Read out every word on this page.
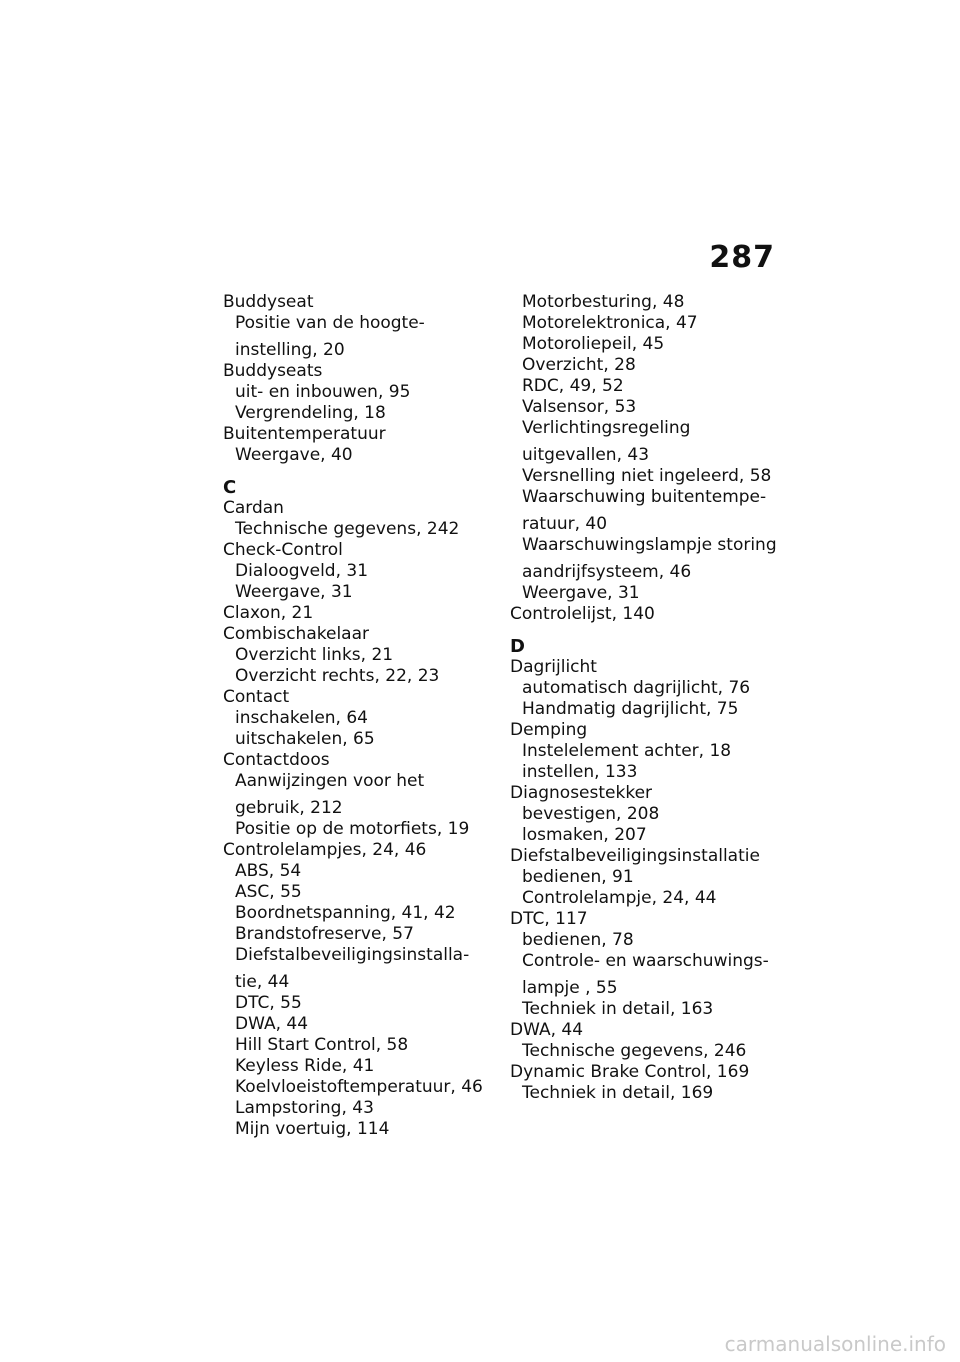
287
Buddyseat
Positie van de hoogte-
instelling, 20
Buddyseats
uit- en inbouwen, 95
Vergrendeling, 18
Buitentemperatuur
Weergave, 40
C
Cardan
Technische gegevens, 242
Check-Control
Dialoogveld, 31
Weergave, 31
Claxon, 21
Combischakelaar
Overzicht links, 21
Overzicht rechts, 22, 23
Contact
inschakelen, 64
uitschakelen, 65
Contactdoos
Aanwijzingen voor het
gebruik, 212
Positie op de motorfiets, 19
Controlelampjes, 24, 46
ABS, 54
ASC, 55
Boordnetspanning, 41, 42
Brandstofreserve, 57
Diefstalbeveiligingsinstalla-
tie, 44
DTC, 55
DWA, 44
Hill Start Control, 58
Keyless Ride, 41
Koelvloeistoftemperatuur, 46
Lampstoring, 43
Mijn voertuig, 114
Motorbesturing, 48
Motorelektronica, 47
Motoroliepeil, 45
Overzicht, 28
RDC, 49, 52
Valsensor, 53
Verlichtingsregeling
uitgevallen, 43
Versnelling niet ingeleerd, 58
Waarschuwing buitentempe-
ratuur, 40
Waarschuwingslampje storing
aandrijfsysteem, 46
Weergave, 31
Controlelijst, 140
D
Dagrijlicht
automatisch dagrijlicht, 76
Handmatig dagrijlicht, 75
Demping
Instelelement achter, 18
instellen, 133
Diagnosestekker
bevestigen, 208
losmaken, 207
Diefstalbeveiligingsinstallatie
bedienen, 91
Controlelampje, 24, 44
DTC, 117
bedienen, 78
Controle- en waarschuwings-
lampje , 55
Techniek in detail, 163
DWA, 44
Technische gegevens, 246
Dynamic Brake Control, 169
Techniek in detail, 169
carmanualsonline.info
